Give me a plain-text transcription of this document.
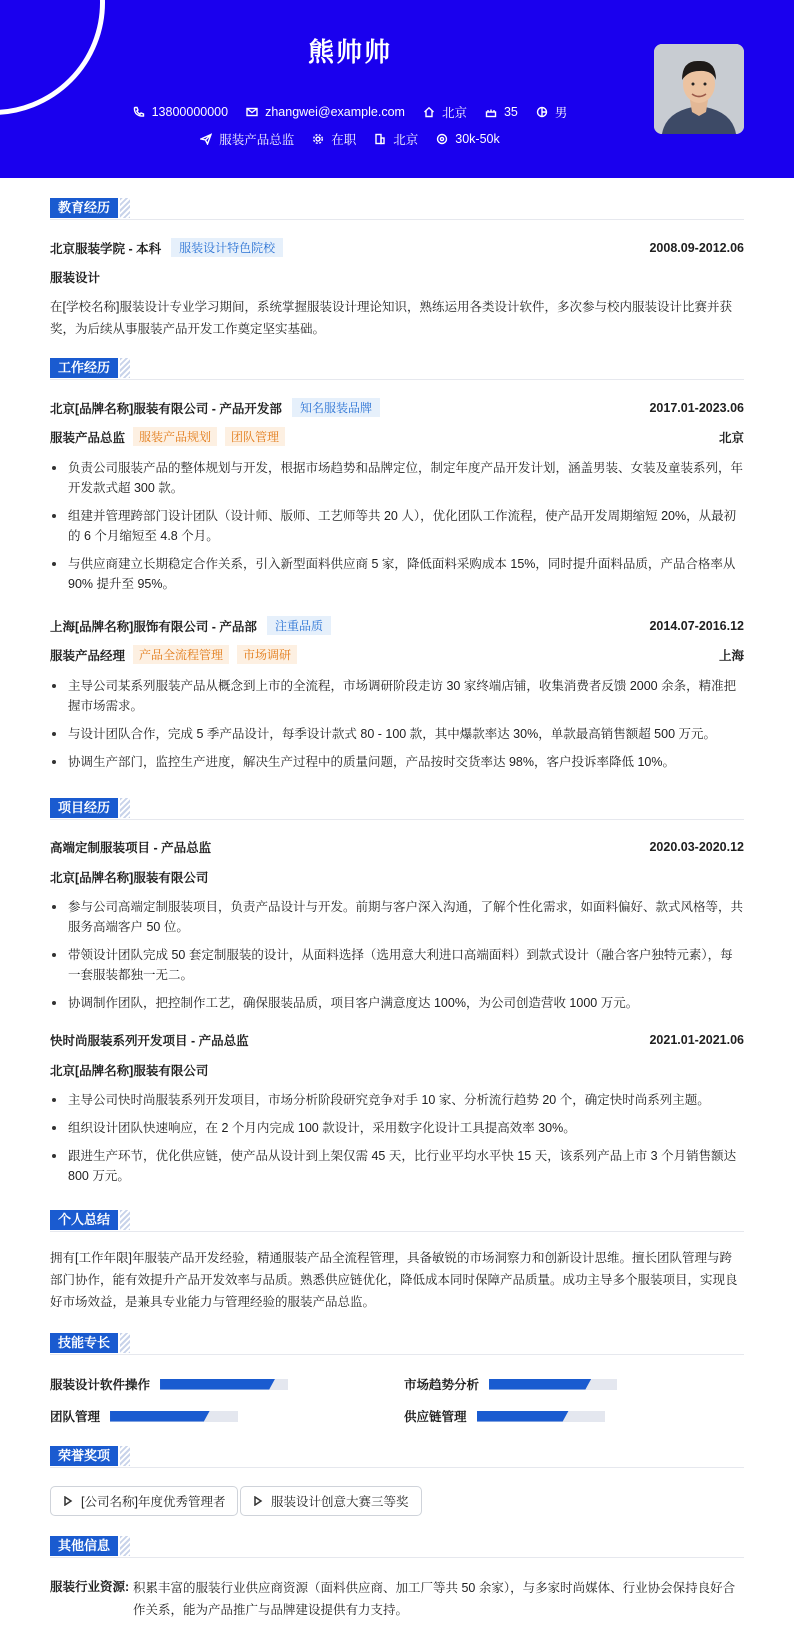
熊帅帅
13800000000	zhangwei@example.com	北京	35	男
服装产品总监	在职	北京	30k-50k
教育经历
北京服装学院 - 本科	服装设计特色院校	2008.09-2012.06
服装设计
在[学校名称]服装设计专业学习期间，系统掌握服装设计理论知识，熟练运用各类设计软件，多次参与校内服装设计比赛并获奖，为后续从事服装产品开发工作奠定坚实基础。
工作经历
北京[品牌名称]服装有限公司 - 产品开发部	知名服装品牌	2017.01-2023.06
服装产品总监	服装产品规划	团队管理	北京
负责公司服装产品的整体规划与开发，根据市场趋势和品牌定位，制定年度产品开发计划，涵盖男装、女装及童装系列，年开发款式超 300 款。
组建并管理跨部门设计团队（设计师、版师、工艺师等共 20 人），优化团队工作流程，使产品开发周期缩短 20%，从最初的 6 个月缩短至 4.8 个月。
与供应商建立长期稳定合作关系，引入新型面料供应商 5 家，降低面料采购成本 15%，同时提升面料品质，产品合格率从 90% 提升至 95%。
上海[品牌名称]服饰有限公司 - 产品部	注重品质	2014.07-2016.12
服装产品经理	产品全流程管理	市场调研	上海
主导公司某系列服装产品从概念到上市的全流程，市场调研阶段走访 30 家终端店铺，收集消费者反馈 2000 余条，精准把握市场需求。
与设计团队合作，完成 5 季产品设计，每季设计款式 80 - 100 款，其中爆款率达 30%，单款最高销售额超 500 万元。
协调生产部门，监控生产进度，解决生产过程中的质量问题，产品按时交货率达 98%，客户投诉率降低 10%。
项目经历
高端定制服装项目 - 产品总监	2020.03-2020.12
北京[品牌名称]服装有限公司
参与公司高端定制服装项目，负责产品设计与开发。前期与客户深入沟通，了解个性化需求，如面料偏好、款式风格等，共服务高端客户 50 位。
带领设计团队完成 50 套定制服装的设计，从面料选择（选用意大利进口高端面料）到款式设计（融合客户独特元素），每一套服装都独一无二。
协调制作团队，把控制作工艺，确保服装品质，项目客户满意度达 100%，为公司创造营收 1000 万元。
快时尚服装系列开发项目 - 产品总监	2021.01-2021.06
北京[品牌名称]服装有限公司
主导公司快时尚服装系列开发项目，市场分析阶段研究竞争对手 10 家、分析流行趋势 20 个，确定快时尚系列主题。
组织设计团队快速响应，在 2 个月内完成 100 款设计，采用数字化设计工具提高效率 30%。
跟进生产环节，优化供应链，使产品从设计到上架仅需 45 天，比行业平均水平快 15 天，该系列产品上市 3 个月销售额达 800 万元。
个人总结
拥有[工作年限]年服装产品开发经验，精通服装产品全流程管理，具备敏锐的市场洞察力和创新设计思维。擅长团队管理与跨部门协作，能有效提升产品开发效率与品质。熟悉供应链优化，降低成本同时保障产品质量。成功主导多个服装项目，实现良好市场效益，是兼具专业能力与管理经验的服装产品总监。
技能专长
服装设计软件操作	市场趋势分析
团队管理	供应链管理
荣誉奖项
[公司名称]年度优秀管理者	服装设计创意大赛三等奖
其他信息
服装行业资源: 积累丰富的服装行业供应商资源（面料供应商、加工厂等共 50 余家），与多家时尚媒体、行业协会保持良好合作关系，能为产品推广与品牌建设提供有力支持。
